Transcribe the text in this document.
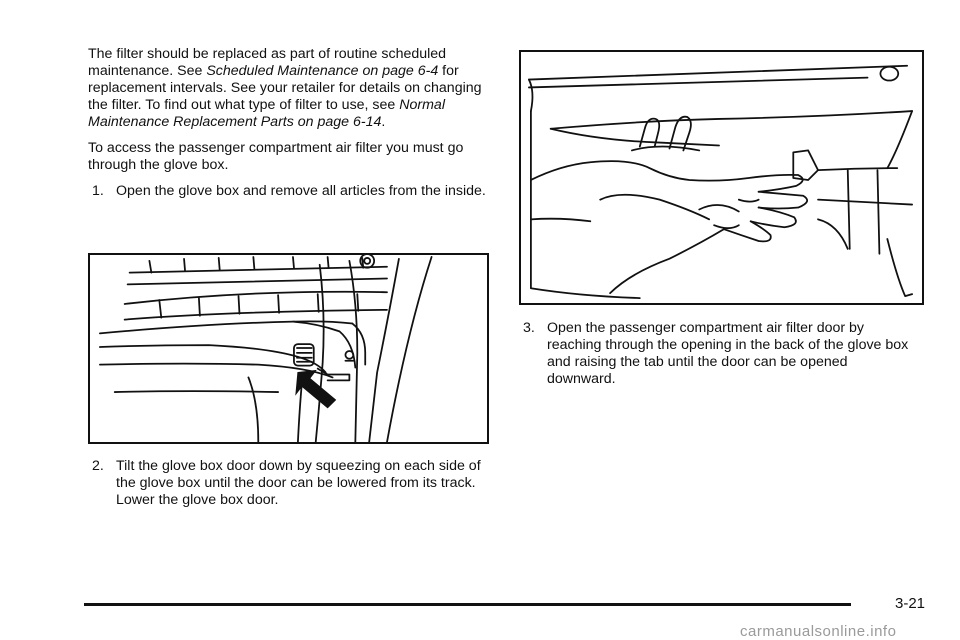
The filter should be replaced as part of routine scheduled maintenance. See Scheduled Maintenance on page 6-4 for replacement intervals. See your retailer for details on changing the filter. To find out what type of filter to use, see Normal Maintenance Replacement Parts on page 6-14.

To access the passenger compartment air filter you must go through the glove box.

1. Open the glove box and remove all articles from the inside.

2. Tilt the glove box door down by squeezing on each side of the glove box until the door can be lowered from its track. Lower the glove box door.

3. Open the passenger compartment air filter door by reaching through the opening in the back of the glove box and raising the tab until the door can be opened downward.

3-21
carmanualsonline.info
